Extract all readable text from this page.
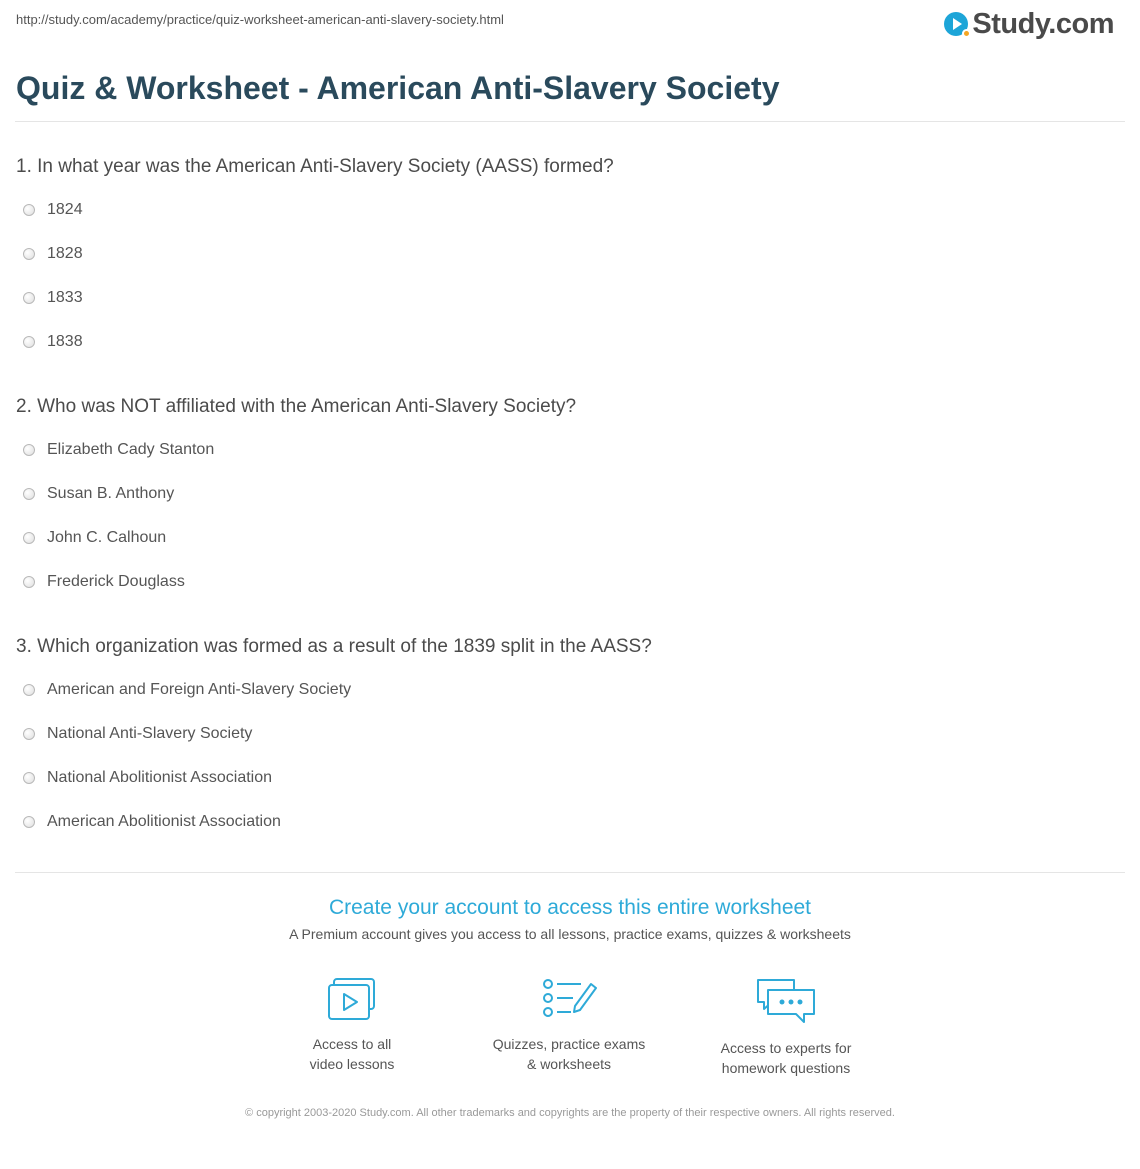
http://study.com/academy/practice/quiz-worksheet-american-anti-slavery-society.html	Study.com
Quiz & Worksheet - American Anti-Slavery Society
1. In what year was the American Anti-Slavery Society (AASS) formed?
1824
1828
1833
1838
2. Who was NOT affiliated with the American Anti-Slavery Society?
Elizabeth Cady Stanton
Susan B. Anthony
John C. Calhoun
Frederick Douglass
3. Which organization was formed as a result of the 1839 split in the AASS?
American and Foreign Anti-Slavery Society
National Anti-Slavery Society
National Abolitionist Association
American Abolitionist Association
Create your account to access this entire worksheet
A Premium account gives you access to all lessons, practice exams, quizzes & worksheets
Access to all
video lessons
Quizzes, practice exams
& worksheets
Access to experts for
homework questions
© copyright 2003-2020 Study.com. All other trademarks and copyrights are the property of their respective owners. All rights reserved.
